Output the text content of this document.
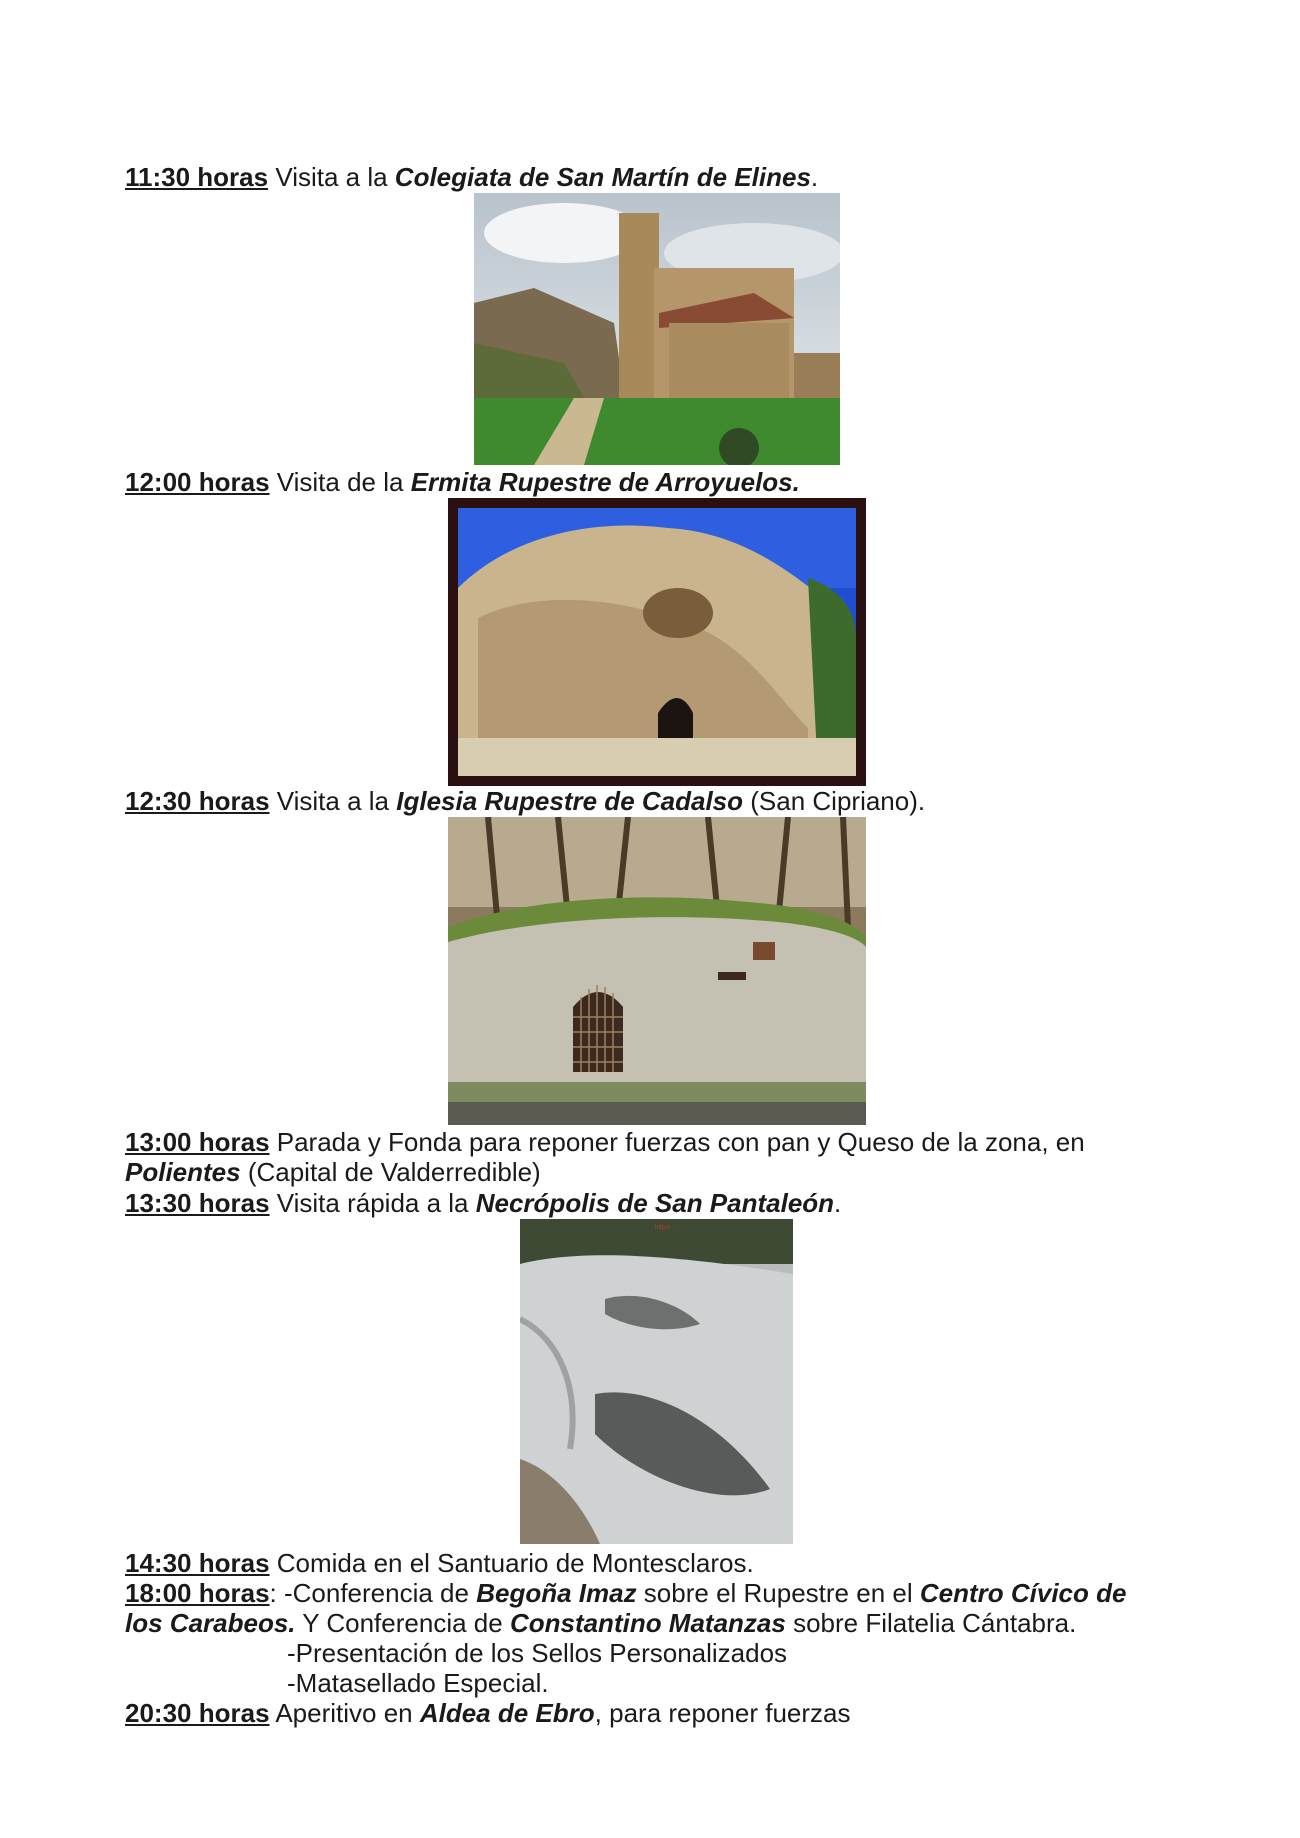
11:30 horas Visita a la Colegiata de San Martín de Elines.
12:00 horas Visita de la Ermita Rupestre de Arroyuelos.
12:30 horas Visita a la Iglesia Rupestre de Cadalso (San Cipriano).
13:00 horas Parada y Fonda para reponer fuerzas con pan y Queso de la zona, en
Polientes (Capital de Valderredible)
13:30 horas Visita rápida a la Necrópolis de San Pantaleón.
http://...
14:30 horas Comida en el Santuario de Montesclaros.
18:00 horas: -Conferencia de Begoña Imaz sobre el Rupestre en el Centro Cívico de
los Carabeos. Y Conferencia de Constantino Matanzas sobre Filatelia Cántabra.
-Presentación de los Sellos Personalizados
-Matasellado Especial.
20:30 horas Aperitivo en Aldea de Ebro, para reponer fuerzas
